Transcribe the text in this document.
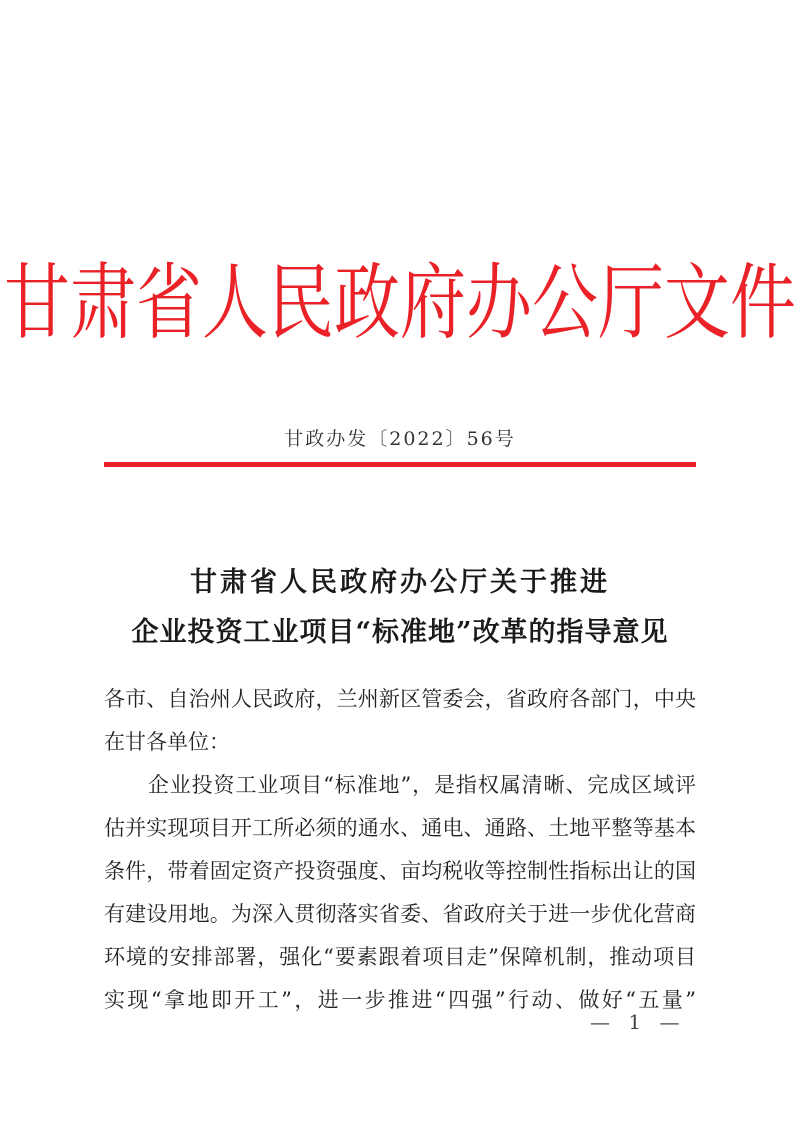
甘肃省人民政府办公厅文件
甘政办发〔2022〕56号
甘肃省人民政府办公厅关于推进
企业投资工业项目“标准地”改革的指导意见
各市、自治州人民政府，兰州新区管委会，省政府各部门，中央
在甘各单位：
　　企业投资工业项目“标准地”，是指权属清晰、完成区域评
估并实现项目开工所必须的通水、通电、通路、土地平整等基本
条件，带着固定资产投资强度、亩均税收等控制性指标出让的国
有建设用地。为深入贯彻落实省委、省政府关于进一步优化营商
环境的安排部署，强化“要素跟着项目走”保障机制，推动项目
实现“拿地即开工”，进一步推进“四强”行动、做好“五量”
— 1 —
